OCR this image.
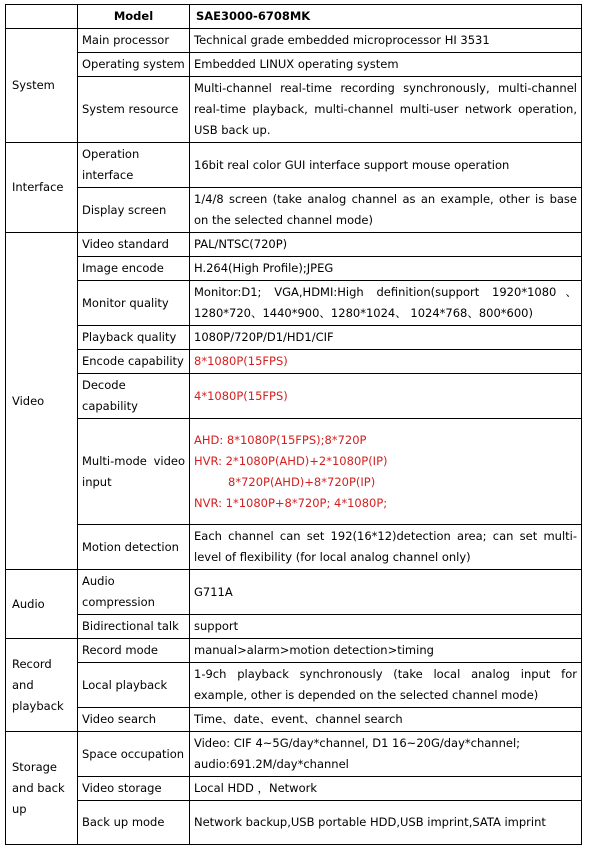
	Model	SAE3000-6708MK
System	Main processor	Technical grade embedded microprocessor HI 3531
	Operating system	Embedded LINUX operating system
	System resource	Multi-channel real-time recording synchronously, multi-channel real-time playback, multi-channel multi-user network operation, USB back up.
Interface	Operation interface	16bit real color GUI interface support mouse operation
	Display screen	1/4/8 screen (take analog channel as an example, other is base on the selected channel mode)
Video	Video standard	PAL/NTSC(720P)
	Image encode	H.264(High Profile);JPEG
	Monitor quality	Monitor:D1; VGA,HDMI:High definition(support 1920*1080、 1280*720、1440*900、1280*1024、 1024*768、800*600)
	Playback quality	1080P/720P/D1/HD1/CIF
	Encode capability	8*1080P(15FPS)
	Decode capability	4*1080P(15FPS)
	Multi-mode video input	AHD: 8*1080P(15FPS);8*720P
HVR: 2*1080P(AHD)+2*1080P(IP)
8*720P(AHD)+8*720P(IP)
NVR: 1*1080P+8*720P; 4*1080P;

	Motion detection	Each channel can set 192(16*12)detection area; can set multi-level of flexibility (for local analog channel only)
Audio	Audio compression	G711A
	Bidirectional talk	support
Record and playback	Record mode	manual>alarm>motion detection>timing
	Local playback	1-9ch playback synchronously (take local analog input for example, other is depended on the selected channel mode)
	Video search	Time、date、event、channel search
Storage and back up	Space occupation	Video: CIF 4~5G/day*channel, D1 16~20G/day*channel; audio:691.2M/day*channel
	Video storage	Local HDD ，Network
	Back up mode	Network backup,USB portable HDD,USB imprint,SATA imprint
